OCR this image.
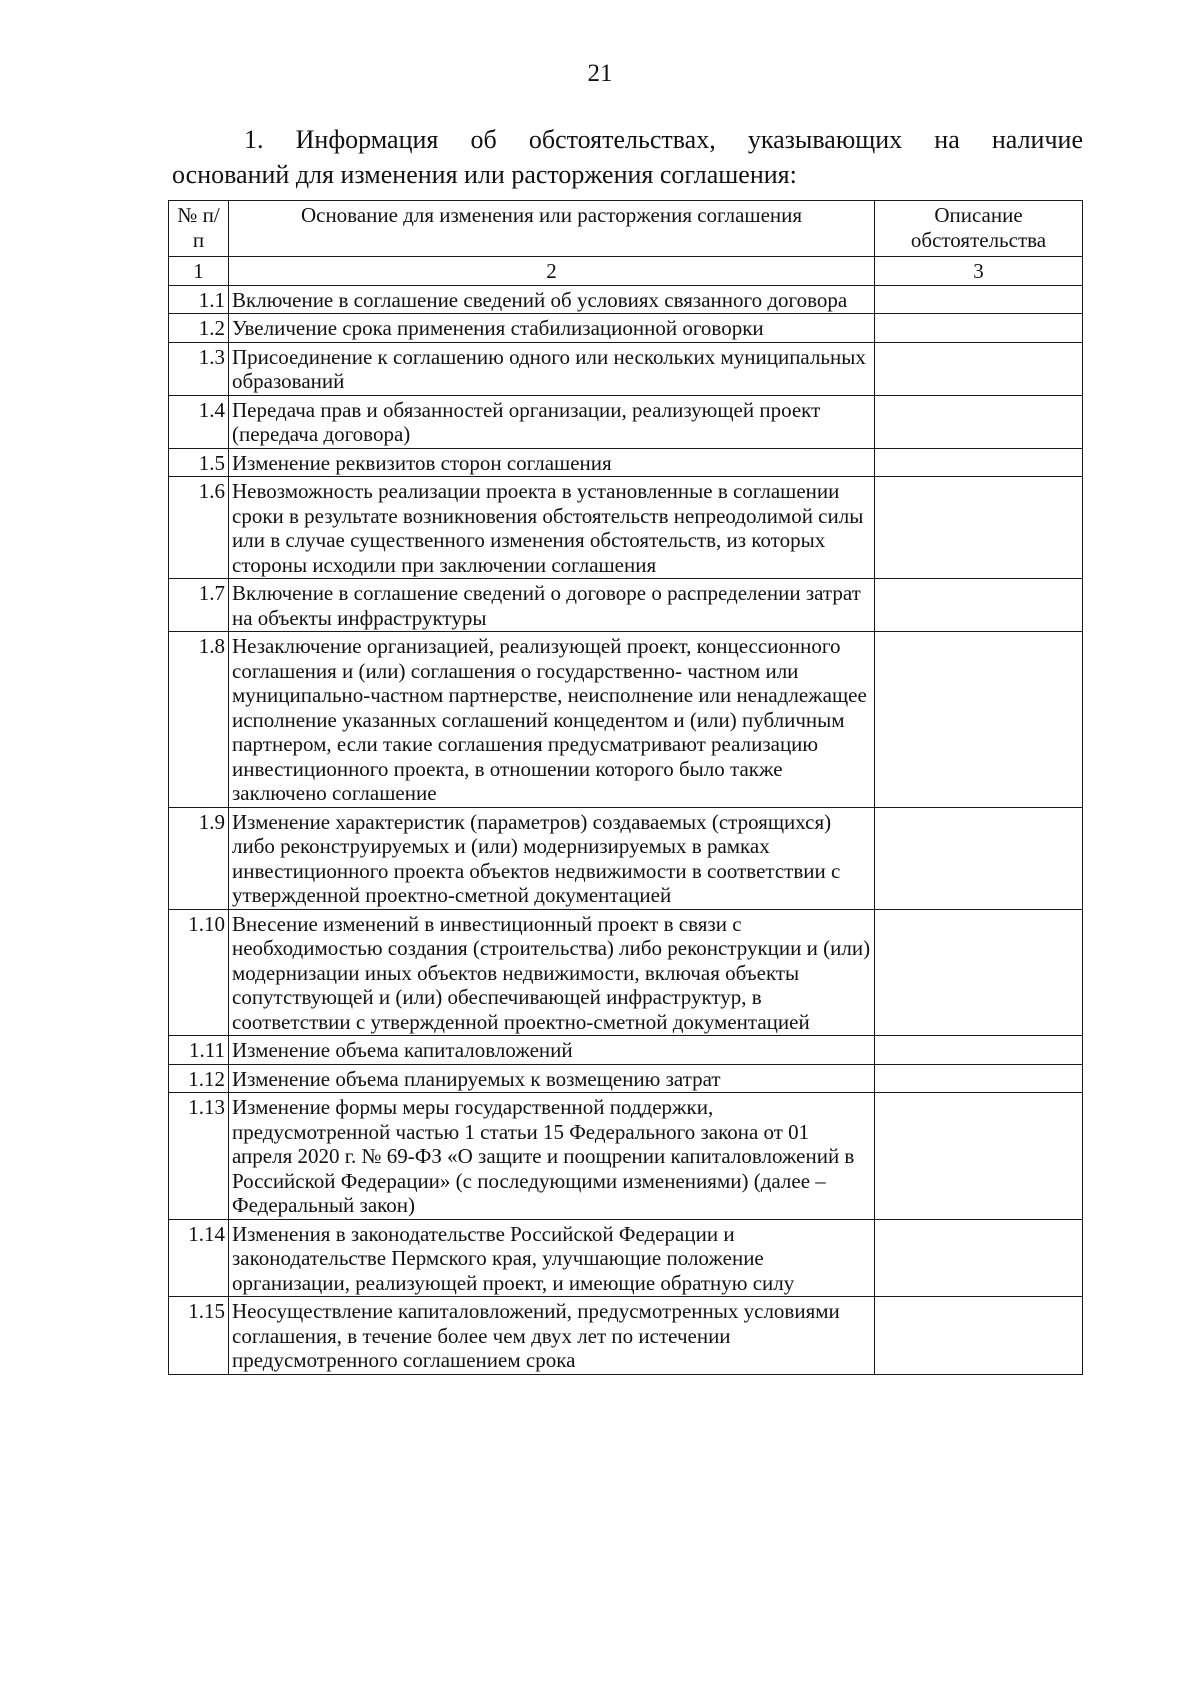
21
1. Информация об обстоятельствах, указывающих на наличие
оснований для изменения или расторжения соглашения:
№ п/п	Основание для изменения или расторжения соглашения	Описание обстоятельства
1	2	3
1.1	Включение в соглашение сведений об условиях связанного договора	
1.2	Увеличение срока применения стабилизационной оговорки	
1.3	Присоединение к соглашению одного или нескольких муниципальных образований	
1.4	Передача прав и обязанностей организации, реализующей проект (передача договора)	
1.5	Изменение реквизитов сторон соглашения	
1.6	Невозможность реализации проекта в установленные в соглашении сроки в результате возникновения обстоятельств непреодолимой силы или в случае существенного изменения обстоятельств, из которых стороны исходили при заключении соглашения	
1.7	Включение в соглашение сведений о договоре о распределении затрат на объекты инфраструктуры	
1.8	Незаключение организацией, реализующей проект, концессионного соглашения и (или) соглашения о государственно- частном или муниципально-частном партнерстве, неисполнение или ненадлежащее исполнение указанных соглашений концедентом и (или) публичным партнером, если такие соглашения предусматривают реализацию инвестиционного проекта, в отношении которого было также заключено соглашение	
1.9	Изменение характеристик (параметров) создаваемых (строящихся) либо реконструируемых и (или) модернизируемых в рамках инвестиционного проекта объектов недвижимости в соответствии с утвержденной проектно-сметной документацией	
1.10	Внесение изменений в инвестиционный проект в связи с необходимостью создания (строительства) либо реконструкции и (или) модернизации иных объектов недвижимости, включая объекты сопутствующей и (или) обеспечивающей инфраструктур, в соответствии с утвержденной проектно-сметной документацией	
1.11	Изменение объема капиталовложений	
1.12	Изменение объема планируемых к возмещению затрат	
1.13	Изменение формы меры государственной поддержки, предусмотренной частью 1 статьи 15 Федерального закона от 01 апреля 2020 г. № 69-ФЗ «О защите и поощрении капиталовложений в Российской Федерации» (с последующими изменениями) (далее – Федеральный закон)	
1.14	Изменения в законодательстве Российской Федерации и законодательстве Пермского края, улучшающие положение организации, реализующей проект, и имеющие обратную силу	
1.15	Неосуществление капиталовложений, предусмотренных условиями соглашения, в течение более чем двух лет по истечении предусмотренного соглашением срока	
